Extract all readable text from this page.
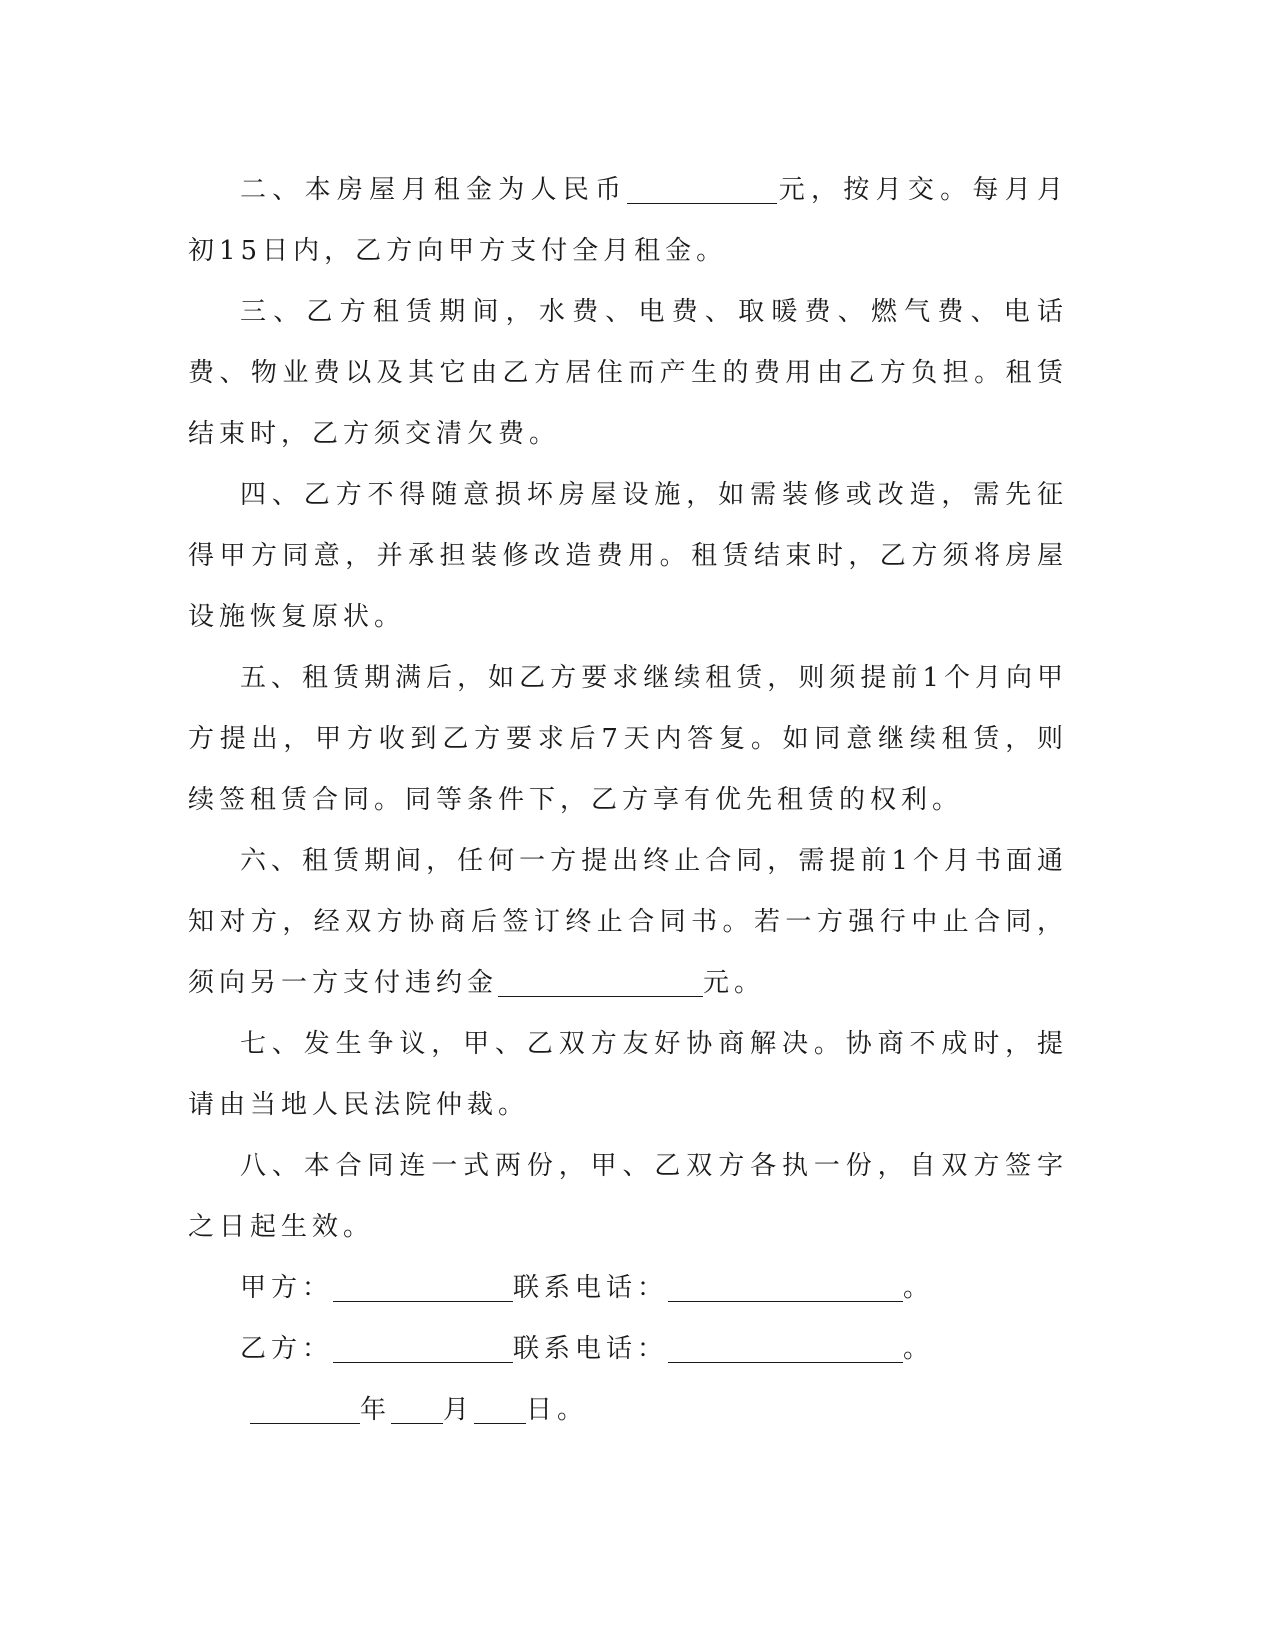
二、本房屋月租金为人民币	元，按月交。每月月初15日内，乙方向甲方支付全月租金。

三、乙方租赁期间，水费、电费、取暖费、燃气费、电话费、物业费以及其它由乙方居住而产生的费用由乙方负担。租赁结束时，乙方须交清欠费。

四、乙方不得随意损坏房屋设施，如需装修或改造，需先征得甲方同意，并承担装修改造费用。租赁结束时，乙方须将房屋设施恢复原状。

五、租赁期满后，如乙方要求继续租赁，则须提前1个月向甲方提出，甲方收到乙方要求后7天内答复。如同意继续租赁，则续签租赁合同。同等条件下，乙方享有优先租赁的权利。

六、租赁期间，任何一方提出终止合同，需提前1个月书面通知对方，经双方协商后签订终止合同书。若一方强行中止合同，须向另一方支付违约金	元。

七、发生争议，甲、乙双方友好协商解决。协商不成时，提请由当地人民法院仲裁。

八、本合同连一式两份，甲、乙双方各执一份，自双方签字之日起生效。

甲方：	联系电话：	。

乙方：	联系电话：	。

年 月 日。
